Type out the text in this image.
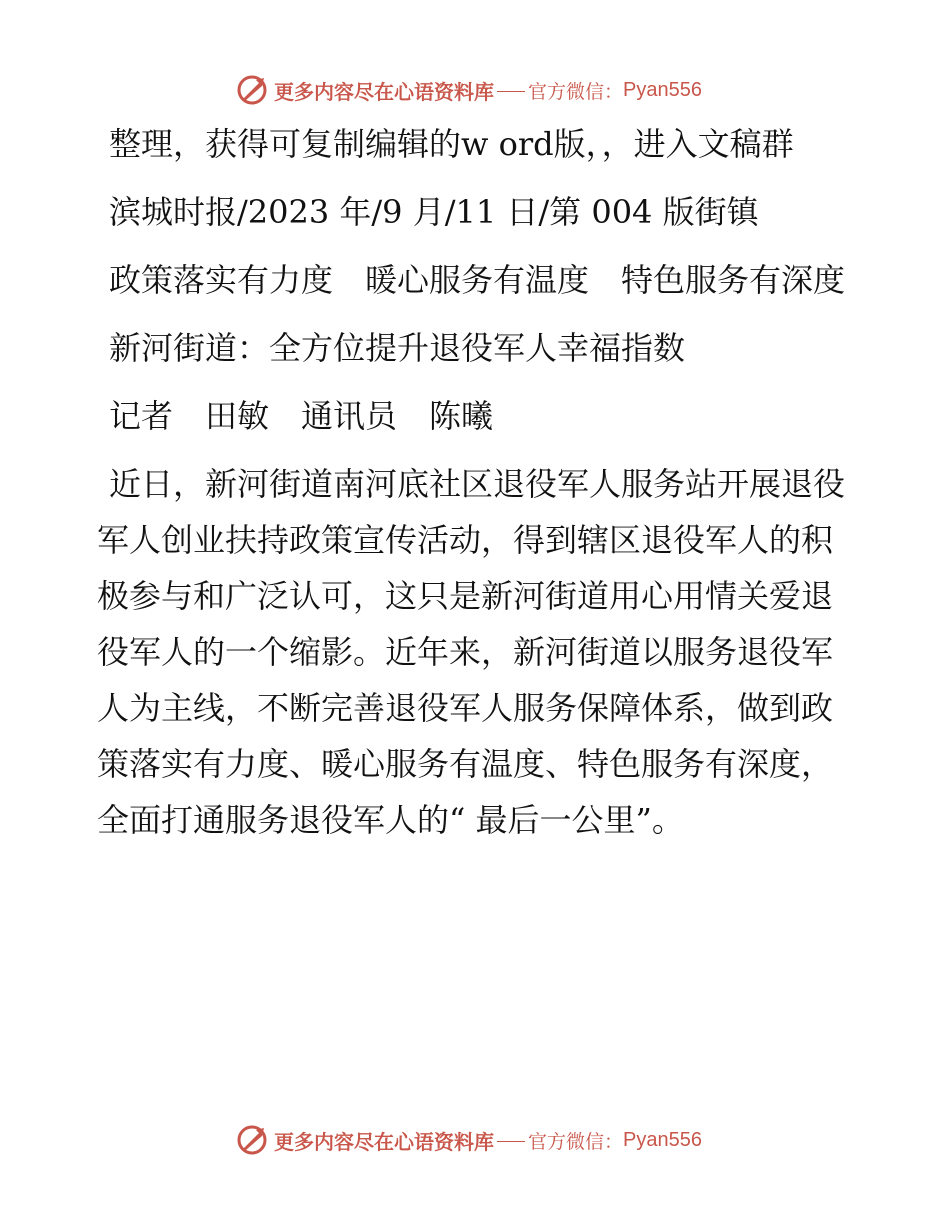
更多内容尽在心语资料库 官方微信： Pyan556

整理，获得可复制编辑的w ord版，，进入文稿群

滨城时报/2023 年/9 月/11 日/第 004 版街镇

政策落实有力度　暖心服务有温度　特色服务有深度

新河街道：全方位提升退役军人幸福指数

记者　田敏　通讯员　陈曦

近日，新河街道南河底社区退役军人服务站开展退役军人创业扶持政策宣传活动，得到辖区退役军人的积极参与和广泛认可，这只是新河街道用心用情关爱退役军人的一个缩影。近年来，新河街道以服务退役军人为主线，不断完善退役军人服务保障体系，做到政策落实有力度、暖心服务有温度、特色服务有深度，全面打通服务退役军人的“ 最后一公里”。

更多内容尽在心语资料库 官方微信： Pyan556
